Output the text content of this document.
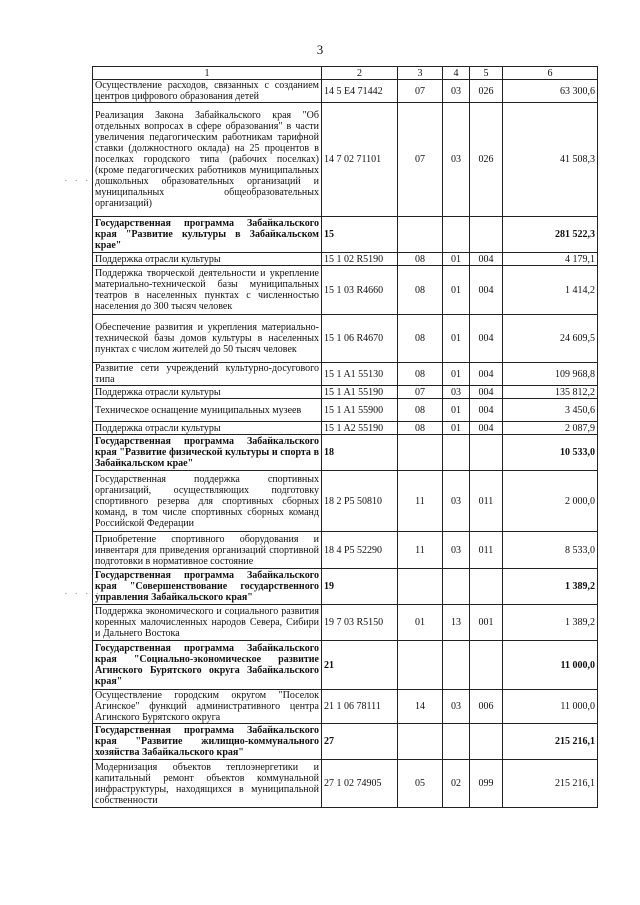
3
· · · ·
· · · ·
1	2	3	4	5	6
Осуществление расходов, связанных с созданием центров цифрового образования детей	14 5 Е4 71442	07	03	026	63 300,6
Реализация Закона Забайкальского края "Об отдельных вопросах в сфере образования" в части увеличения педагогическим работникам тарифной ставки (должностного оклада) на 25 процентов в поселках городского типа (рабочих поселках) (кроме педагогических работников муниципальных дошкольных образовательных организаций и муниципальных общеобразовательных организаций)	14 7 02 71101	07	03	026	41 508,3
Государственная программа Забайкальского края "Развитие культуры в Забайкальском крае"	15				281 522,3
Поддержка отрасли культуры	15 1 02 R5190	08	01	004	4 179,1
Поддержка творческой деятельности и укрепление материально-технической базы муниципальных театров в населенных пунктах с численностью населения до 300 тысяч человек	15 1 03 R4660	08	01	004	1 414,2
Обеспечение развития и укрепления материально-технической базы домов культуры в населенных пунктах с числом жителей до 50 тысяч человек	15 1 06 R4670	08	01	004	24 609,5
Развитие сети учреждений культурно-досугового типа	15 1 A1 55130	08	01	004	109 968,8
Поддержка отрасли культуры	15 1 A1 55190	07	03	004	135 812,2
Техническое оснащение муниципальных музеев	15 1 A1 55900	08	01	004	3 450,6
Поддержка отрасли культуры	15 1 A2 55190	08	01	004	2 087,9
Государственная программа Забайкальского края "Развитие физической культуры и спорта в Забайкальском крае"	18				10 533,0
Государственная поддержка спортивных организаций, осуществляющих подготовку спортивного резерва для спортивных сборных команд, в том числе спортивных сборных команд Российской Федерации	18 2 P5 50810	11	03	011	2 000,0
Приобретение спортивного оборудования и инвентаря для приведения организаций спортивной подготовки в нормативное состояние	18 4 P5 52290	11	03	011	8 533,0
Государственная программа Забайкальского края "Совершенствование государственного управления Забайкальского края"	19				1 389,2
Поддержка экономического и социального развития коренных малочисленных народов Севера, Сибири и Дальнего Востока	19 7 03 R5150	01	13	001	1 389,2
Государственная программа Забайкальского края "Социально-экономическое развитие Агинского Бурятского округа Забайкальского края"	21				11 000,0
Осуществление городским округом "Поселок Агинское" функций административного центра Агинского Бурятского округа	21 1 06 78111	14	03	006	11 000,0
Государственная программа Забайкальского края "Развитие жилищно-коммунального хозяйства Забайкальского края"	27				215 216,1
Модернизация объектов теплоэнергетики и капитальный ремонт объектов коммунальной инфраструктуры, находящихся в муниципальной собственности	27 1 02 74905	05	02	099	215 216,1
